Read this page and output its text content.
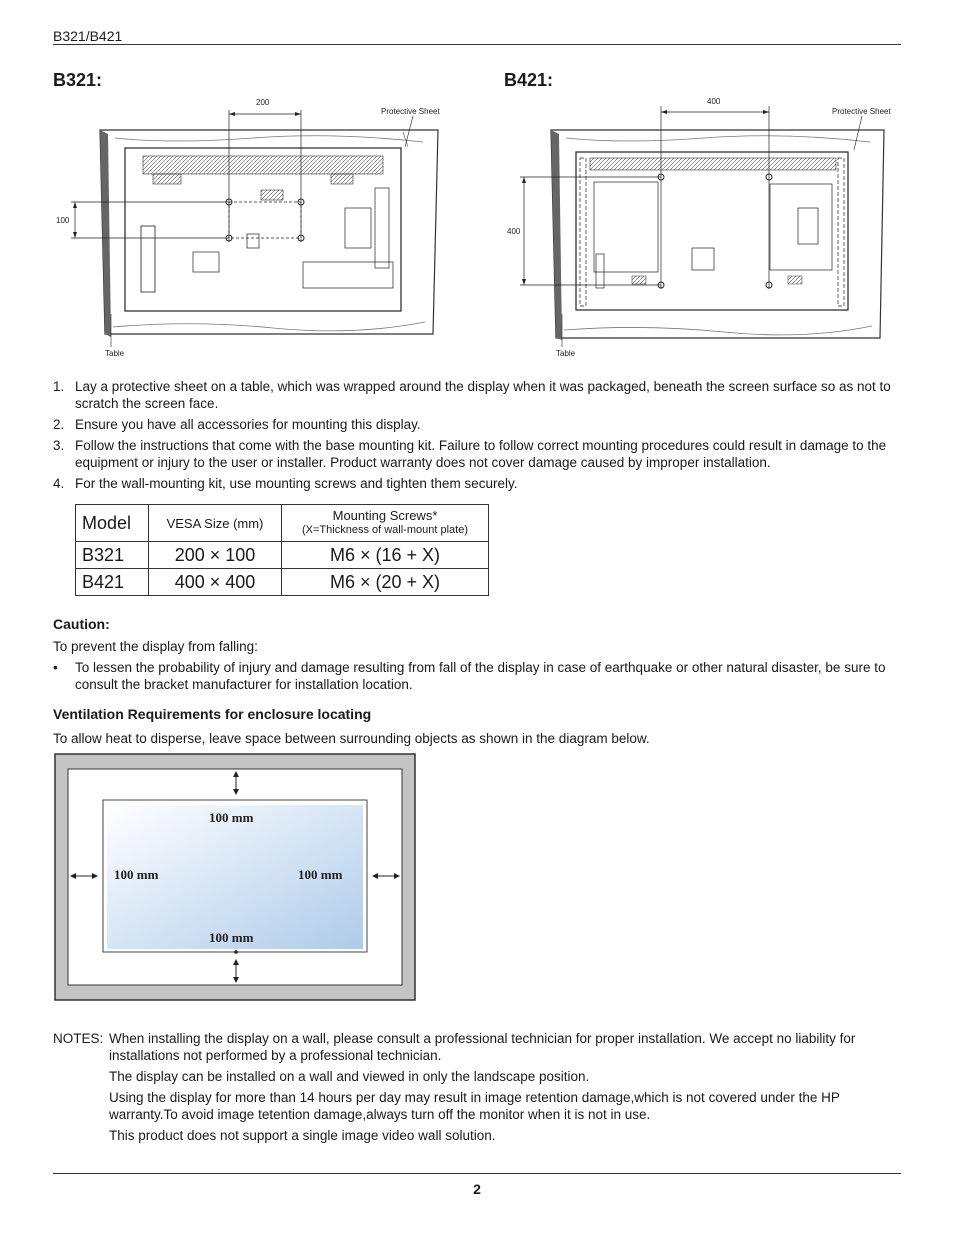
B321/B421
B321:	B421:
200
100
Protective Sheet
Table
400
400
Protective Sheet
Table
1. Lay a protective sheet on a table, which was wrapped around the display when it was packaged, beneath the screen surface so as not to scratch the screen face.
2. Ensure you have all accessories for mounting this display.
3. Follow the instructions that come with the base mounting kit. Failure to follow correct mounting procedures could result in damage to the equipment or injury to the user or installer. Product warranty does not cover damage caused by improper installation.
4. For the wall-mounting kit, use mounting screws and tighten them securely.
Model	VESA Size (mm)	Mounting Screws*
(X=Thickness of wall-mount plate)

B321	200 × 100	M6 × (16 + X)
B421	400 × 400	M6 × (20 + X)
Caution:
To prevent the display from falling:
•	To lessen the probability of injury and damage resulting from fall of the display in case of earthquake or other natural disaster, be sure to consult the bracket manufacturer for installation location.
Ventilation Requirements for enclosure locating
To allow heat to disperse, leave space between surrounding objects as shown in the diagram below.
100 mm
100 mm	100 mm
100 mm
NOTES: When installing the display on a wall, please consult a professional technician for proper installation. We accept no liability for installations not performed by a professional technician.
The display can be installed on a wall and viewed in only the landscape position.
Using the display for more than 14 hours per day may result in image retention damage,which is not covered under the HP warranty.To avoid image tetention damage,always turn off the monitor when it is not in use.
This product does not support a single image video wall solution.
2
